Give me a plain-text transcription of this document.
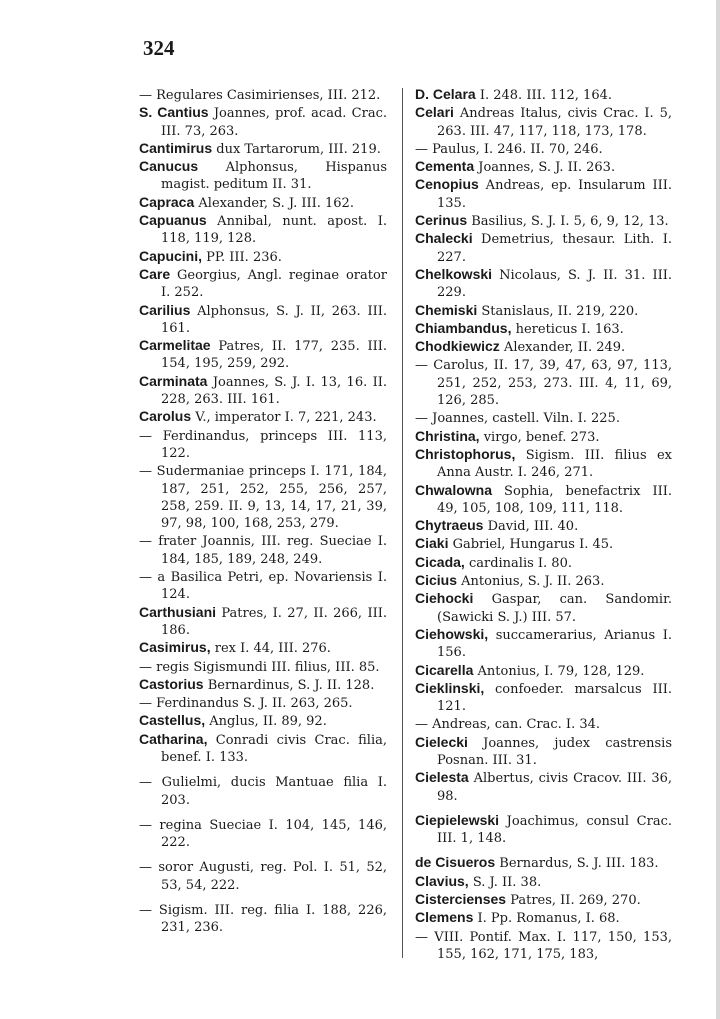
324

— Regulares Casimirienses, III. 212.

S. Cantius Joannes, prof. acad. Crac. III. 73, 263.

Cantimirus dux Tartarorum, III. 219.

Canucus Alphonsus, Hispanus magist. peditum II. 31.

Capraca Alexander, S. J. III. 162.

Capuanus Annibal, nunt. apost. I. 118, 119, 128.

Capucini, PP. III. 236.

Care Georgius, Angl. reginae orator I. 252.

Carilius Alphonsus, S. J. II, 263. III. 161.

Carmelitae Patres, II. 177, 235. III. 154, 195, 259, 292.

Carminata Joannes, S. J. I. 13, 16. II. 228, 263. III. 161.

Carolus V., imperator I. 7, 221, 243.

— Ferdinandus, princeps III. 113, 122.

— Sudermaniae princeps I. 171, 184, 187, 251, 252, 255, 256, 257, 258, 259. II. 9, 13, 14, 17, 21, 39, 97, 98, 100, 168, 253, 279.

— frater Joannis, III. reg. Sueciae I. 184, 185, 189, 248, 249.

— a Basilica Petri, ep. Novariensis I. 124.

Carthusiani Patres, I. 27, II. 266, III. 186.

Casimirus, rex I. 44, III. 276.

— regis Sigismundi III. filius, III. 85.

Castorius Bernardinus, S. J. II. 128.

— Ferdinandus S. J. II. 263, 265.

Castellus, Anglus, II. 89, 92.

Catharina, Conradi civis Crac. filia, benef. I. 133.

— Gulielmi, ducis Mantuae filia I. 203.

— regina Sueciae I. 104, 145, 146, 222.

— soror Augusti, reg. Pol. I. 51, 52, 53, 54, 222.

— Sigism. III. reg. filia I. 188, 226, 231, 236.

D. Celara I. 248. III. 112, 164.

Celari Andreas Italus, civis Crac. I. 5, 263. III. 47, 117, 118, 173, 178.

— Paulus, I. 246. II. 70, 246.

Cementa Joannes, S. J. II. 263.

Cenopius Andreas, ep. Insularum III. 135.

Cerinus Basilius, S. J. I. 5, 6, 9, 12, 13.

Chalecki Demetrius, thesaur. Lith. I. 227.

Chelkowski Nicolaus, S. J. II. 31. III. 229.

Chemiski Stanislaus, II. 219, 220.

Chiambandus, hereticus I. 163.

Chodkiewicz Alexander, II. 249.

— Carolus, II. 17, 39, 47, 63, 97, 113, 251, 252, 253, 273. III. 4, 11, 69, 126, 285.

— Joannes, castell. Viln. I. 225.

Christina, virgo, benef. 273.

Christophorus, Sigism. III. filius ex Anna Austr. I. 246, 271.

Chwalowna Sophia, benefactrix III. 49, 105, 108, 109, 111, 118.

Chytraeus David, III. 40.

Ciaki Gabriel, Hungarus I. 45.

Cicada, cardinalis I. 80.

Cicius Antonius, S. J. II. 263.

Ciehocki Gaspar, can. Sandomir. (Sawicki S. J.) III. 57.

Ciehowski, succamerarius, Arianus I. 156.

Cicarella Antonius, I. 79, 128, 129.

Cieklinski, confoeder. marsalcus III. 121.

— Andreas, can. Crac. I. 34.

Cielecki Joannes, judex castrensis Posnan. III. 31.

Cielesta Albertus, civis Cracov. III. 36, 98.

Ciepielewski Joachimus, consul Crac. III. 1, 148.

de Cisueros Bernardus, S. J. III. 183.

Clavius, S. J. II. 38.

Cistercienses Patres, II. 269, 270.

Clemens I. Pp. Romanus, I. 68.

— VIII. Pontif. Max. I. 117, 150, 153, 155, 162, 171, 175, 183,
